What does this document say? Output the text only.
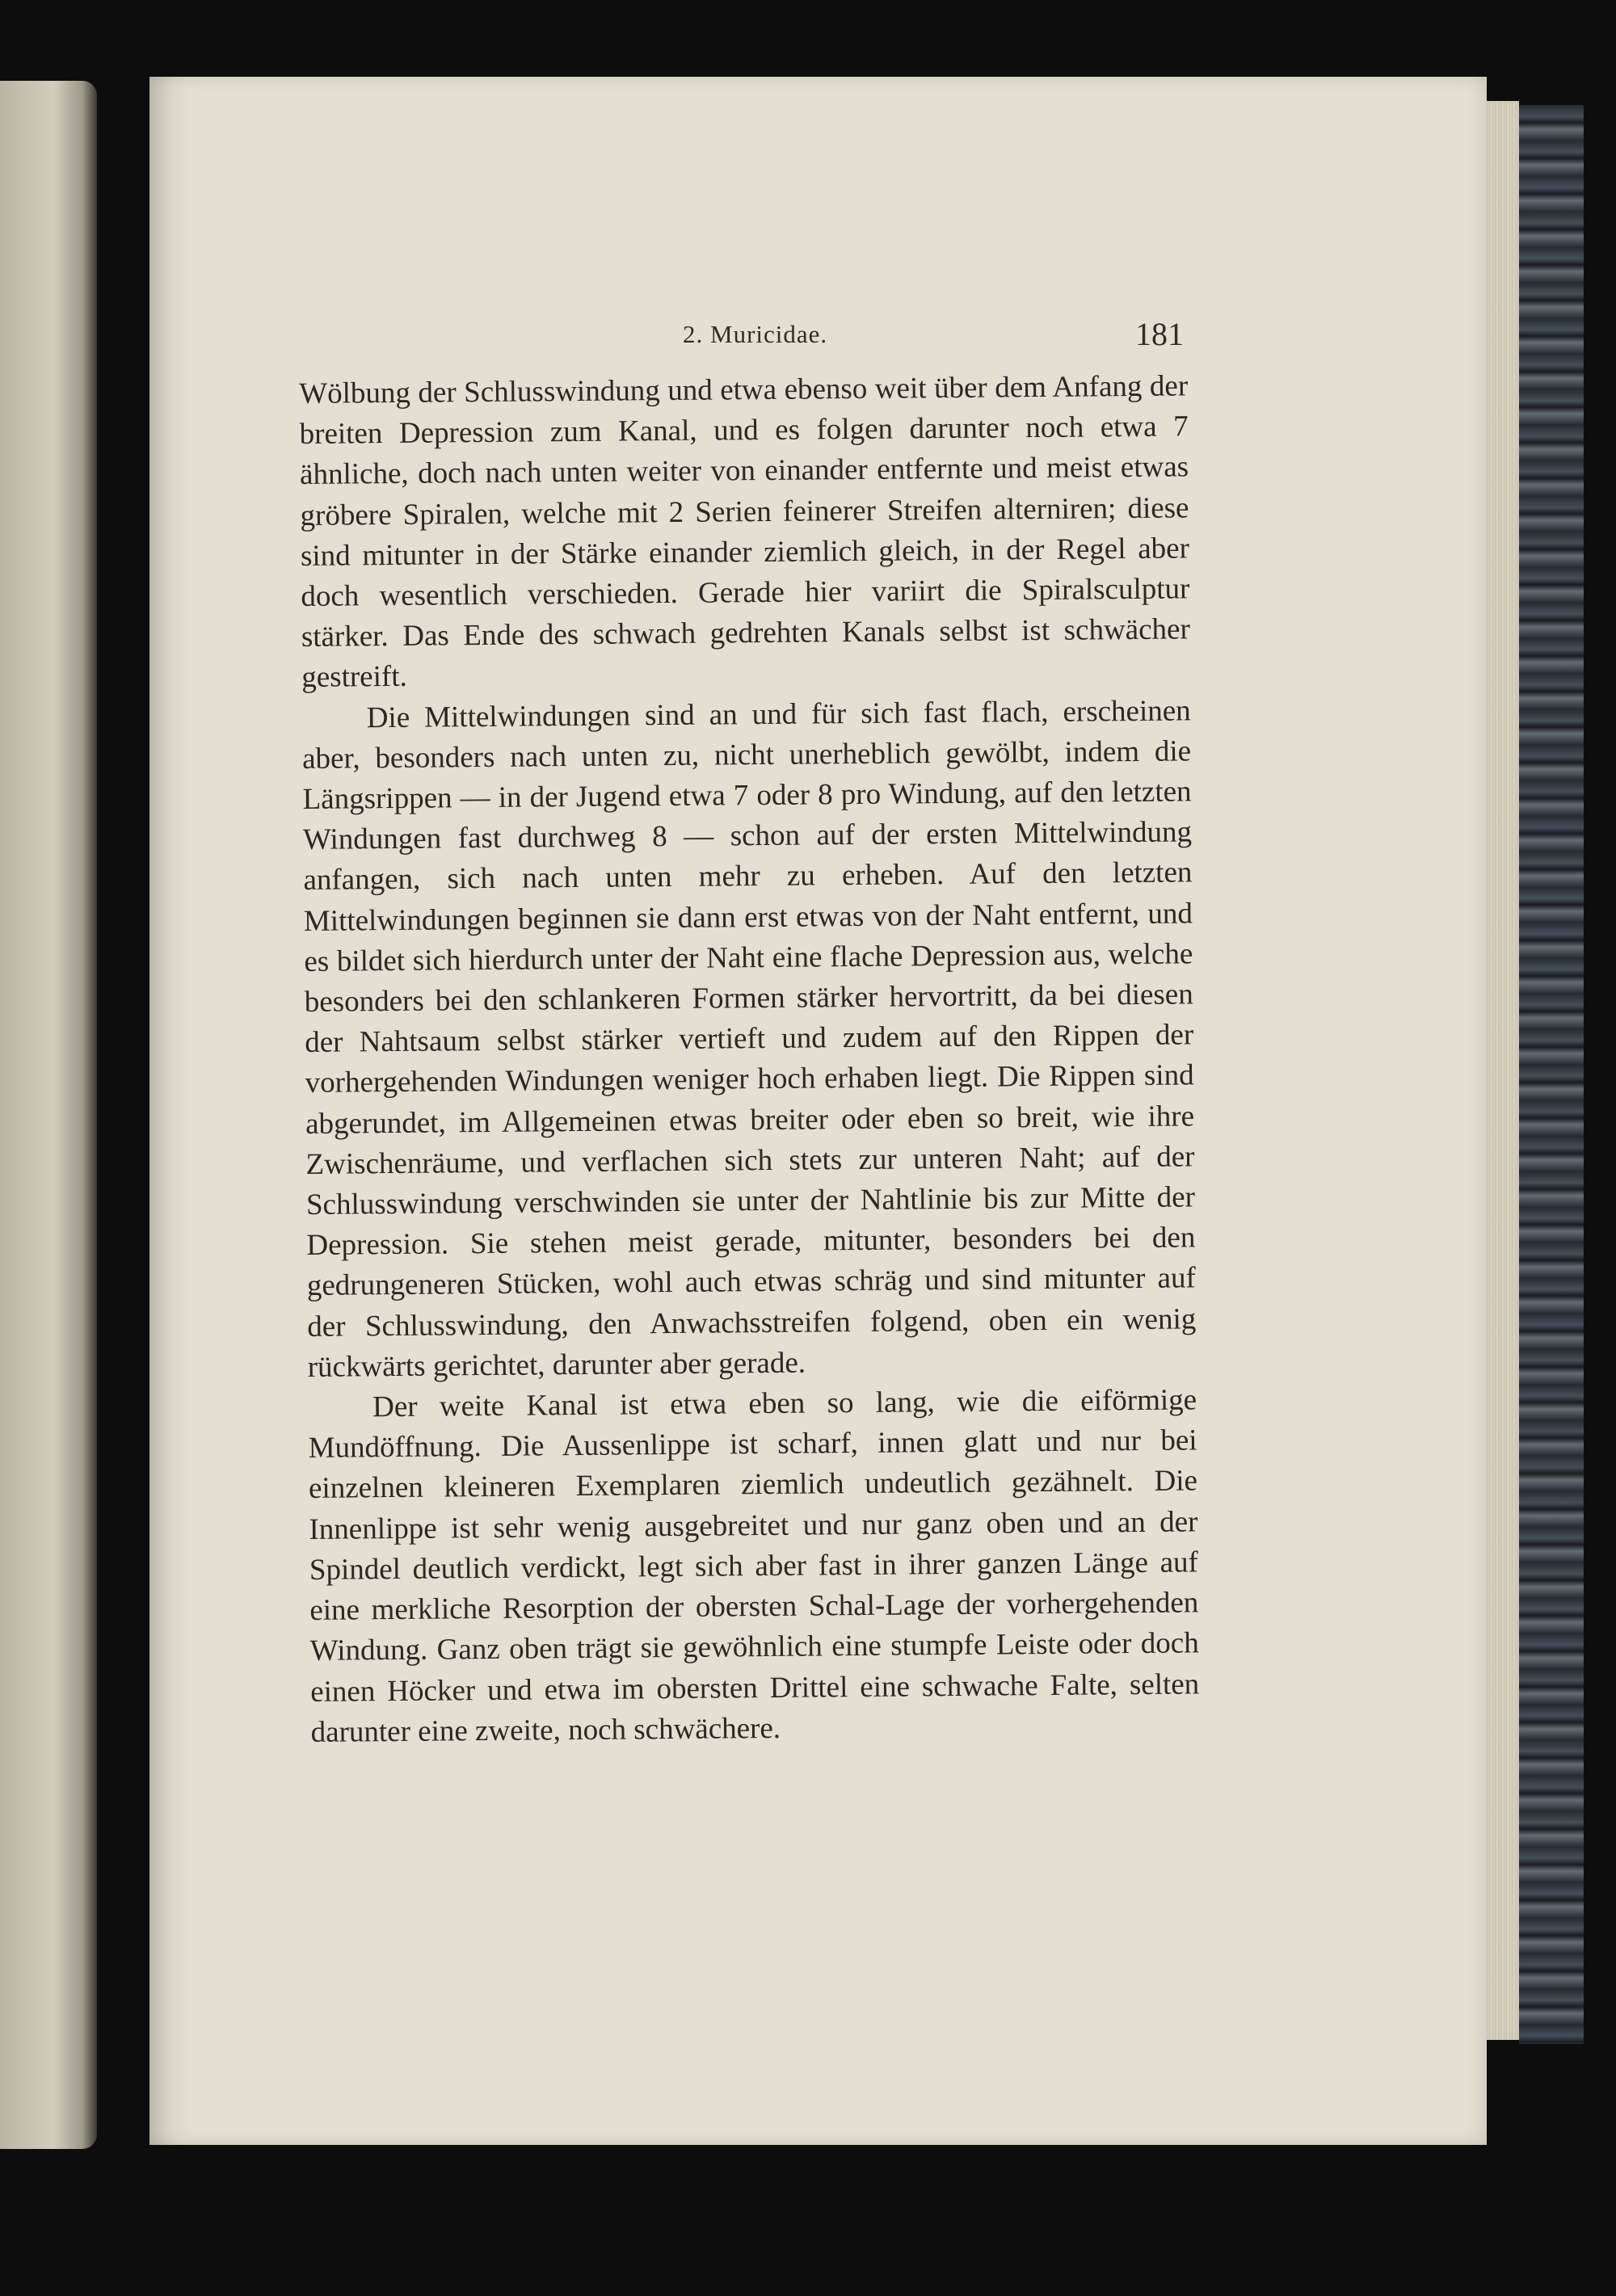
2. Muricidae.	181

Wölbung der Schlusswindung und etwa ebenso weit über dem Anfang der breiten Depression zum Kanal, und es folgen darunter noch etwa 7 ähnliche, doch nach unten weiter von einander entfernte und meist etwas gröbere Spiralen, welche mit 2 Serien feinerer Streifen alterniren; diese sind mitunter in der Stärke einander ziemlich gleich, in der Regel aber doch wesentlich verschieden. Gerade hier variirt die Spiralsculptur stärker. Das Ende des schwach gedrehten Kanals selbst ist schwächer gestreift.

Die Mittelwindungen sind an und für sich fast flach, erscheinen aber, besonders nach unten zu, nicht unerheblich gewölbt, indem die Längsrippen — in der Jugend etwa 7 oder 8 pro Windung, auf den letzten Windungen fast durchweg 8 — schon auf der ersten Mittelwindung anfangen, sich nach unten mehr zu erheben. Auf den letzten Mittelwindungen beginnen sie dann erst etwas von der Naht entfernt, und es bildet sich hierdurch unter der Naht eine flache Depression aus, welche besonders bei den schlankeren Formen stärker hervortritt, da bei diesen der Nahtsaum selbst stärker vertieft und zudem auf den Rippen der vorhergehenden Windungen weniger hoch erhaben liegt. Die Rippen sind abgerundet, im Allgemeinen etwas breiter oder eben so breit, wie ihre Zwischenräume, und verflachen sich stets zur unteren Naht; auf der Schlusswindung verschwinden sie unter der Nahtlinie bis zur Mitte der Depression. Sie stehen meist gerade, mitunter, besonders bei den gedrungeneren Stücken, wohl auch etwas schräg und sind mitunter auf der Schlusswindung, den Anwachsstreifen folgend, oben ein wenig rückwärts gerichtet, darunter aber gerade.

Der weite Kanal ist etwa eben so lang, wie die eiförmige Mundöffnung. Die Aussenlippe ist scharf, innen glatt und nur bei einzelnen kleineren Exemplaren ziemlich undeutlich gezähnelt. Die Innenlippe ist sehr wenig ausgebreitet und nur ganz oben und an der Spindel deutlich verdickt, legt sich aber fast in ihrer ganzen Länge auf eine merkliche Resorption der obersten Schal-Lage der vorhergehenden Windung. Ganz oben trägt sie gewöhnlich eine stumpfe Leiste oder doch einen Höcker und etwa im obersten Drittel eine schwache Falte, selten darunter eine zweite, noch schwächere.
